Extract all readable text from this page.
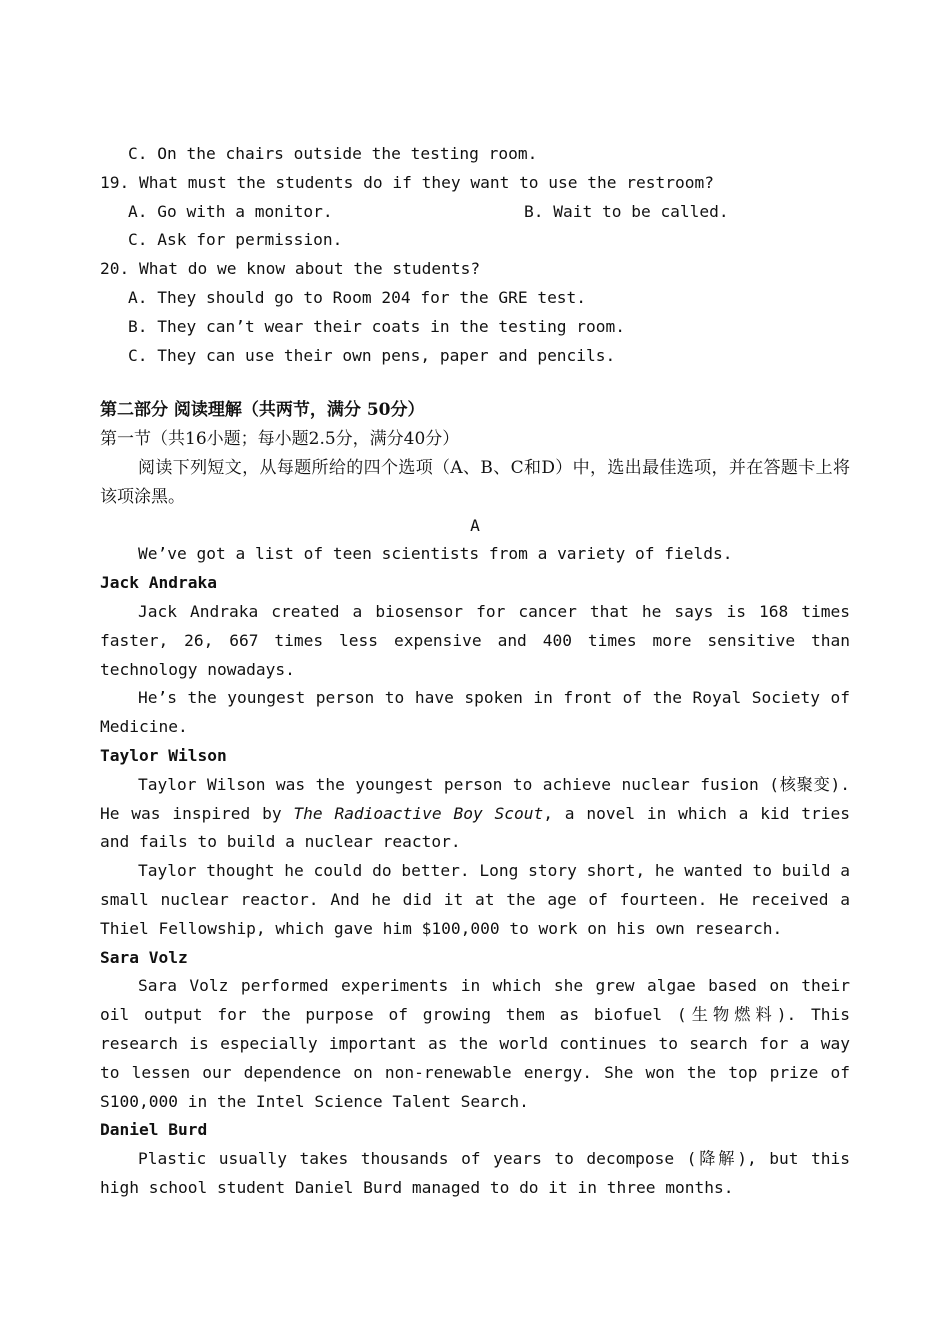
C. On the chairs outside the testing room.
19. What must the students do if they want to use the restroom?
A. Go with a monitor.	B. Wait to be called.
C. Ask for permission.
20. What do we know about the students?
A. They should go to Room 204 for the GRE test.
B. They can’t wear their coats in the testing room.
C. They can use their own pens, paper and pencils.
第二部分 阅读理解（共两节，满分 50分）
第一节（共16小题；每小题2.5分，满分40分）
阅读下列短文，从每题所给的四个选项（A、B、C和D）中，选出最佳选项，并在答题卡上将该项涂黑。
A
We’ve got a list of teen scientists from a variety of fields.
Jack Andraka
Jack Andraka created a biosensor for cancer that he says is 168 times faster, 26, 667 times less expensive and 400 times more sensitive than technology nowadays.
He’s the youngest person to have spoken in front of the Royal Society of Medicine.
Taylor Wilson
Taylor Wilson was the youngest person to achieve nuclear fusion (核聚变). He was inspired by The Radioactive Boy Scout, a novel in which a kid tries and fails to build a nuclear reactor.
Taylor thought he could do better. Long story short, he wanted to build a small nuclear reactor. And he did it at the age of fourteen. He received a Thiel Fellowship, which gave him $100,000 to work on his own research.
Sara Volz
Sara Volz performed experiments in which she grew algae based on their oil output for the purpose of growing them as biofuel (生物燃料). This research is especially important as the world continues to search for a way to lessen our dependence on non-renewable energy. She won the top prize of S100,000 in the Intel Science Talent Search.
Daniel Burd
Plastic usually takes thousands of years to decompose (降解), but this high school student Daniel Burd managed to do it in three months.
